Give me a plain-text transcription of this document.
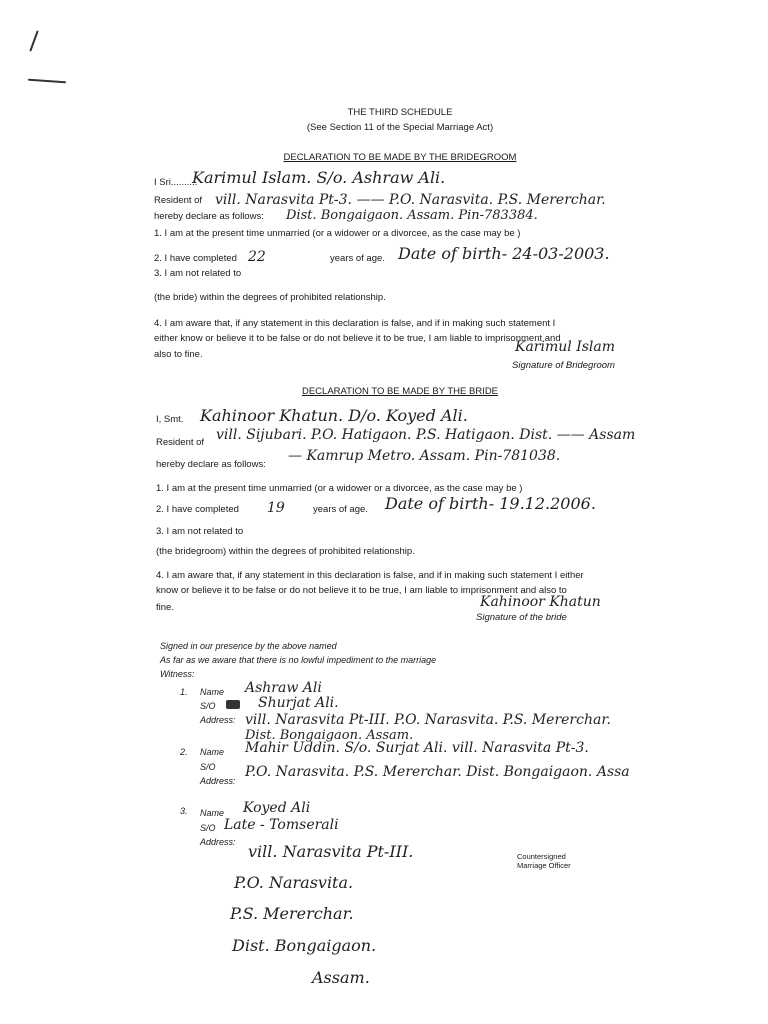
THE THIRD SCHEDULE
(See Section 11 of the Special Marriage Act)
DECLARATION TO BE MADE BY THE BRIDEGROOM
I Sri..........
Karimul Islam. S/o. Ashraw Ali.
Resident of vill. Narasvita Pt-3. —— P.O. Narasvita. P.S. Mererchar.
hereby declare as follows: Dist. Bongaigaon. Assam. Pin-783384.
1. I am at the present time unmarried (or a widower or a divorcee, as the case may be )
2. I have completed 22	years of age. Date of birth- 24-03-2003.
3. I am not related to
(the bride) within the degrees of prohibited relationship.
4. I am aware that, if any statement in this declaration is false, and if in making such statement I
either know or believe it to be false or do not believe it to be true, I am liable to imprisonment and
also to fine.	Karimul Islam
Signature of Bridegroom
DECLARATION TO BE MADE BY THE BRIDE
I, Smt. Kahinoor Khatun. D/o. Koyed Ali.
Resident of vill. Sijubari. P.O. Hatigaon. P.S. Hatigaon. Dist. —— Assam
hereby declare as follows:
— Kamrup Metro. Assam. Pin-781038.
1. I am at the present time unmarried (or a widower or a divorcee, as the case may be )
2. I have completed 19	years of age. Date of birth- 19.12.2006.
3. I am not related to
(the bridegroom) within the degrees of prohibited relationship.
4. I am aware that, if any statement in this declaration is false, and if in making such statement I either
know or believe it to be false or do not believe it to be true, I am liable to imprisonment and also to
fine.	Kahinoor Khatun
Signature of the bride
Signed in our presence by the above named
As far as we aware that there is no lowful impediment to the marriage
Witness:
1. Name Ashraw Ali
S/O	Shurjat Ali.
Address: vill. Narasvita Pt-III. P.O. Narasvita. P.S. Mererchar.
Dist. Bongaigaon. Assam.
2. Name Mahir Uddin. S/o. Surjat Ali. vill. Narasvita Pt-3.
S/O
Address:
P.O. Narasvita. P.S. Mererchar. Dist. Bongaigaon. Assa
3. Name Koyed Ali
S/O Late - Tomserali
Address: vill. Narasvita Pt-III.
P.O. Narasvita.
P.S. Mererchar.
Dist. Bongaigaon.
Assam.
Countersigned
Marriage Officer
